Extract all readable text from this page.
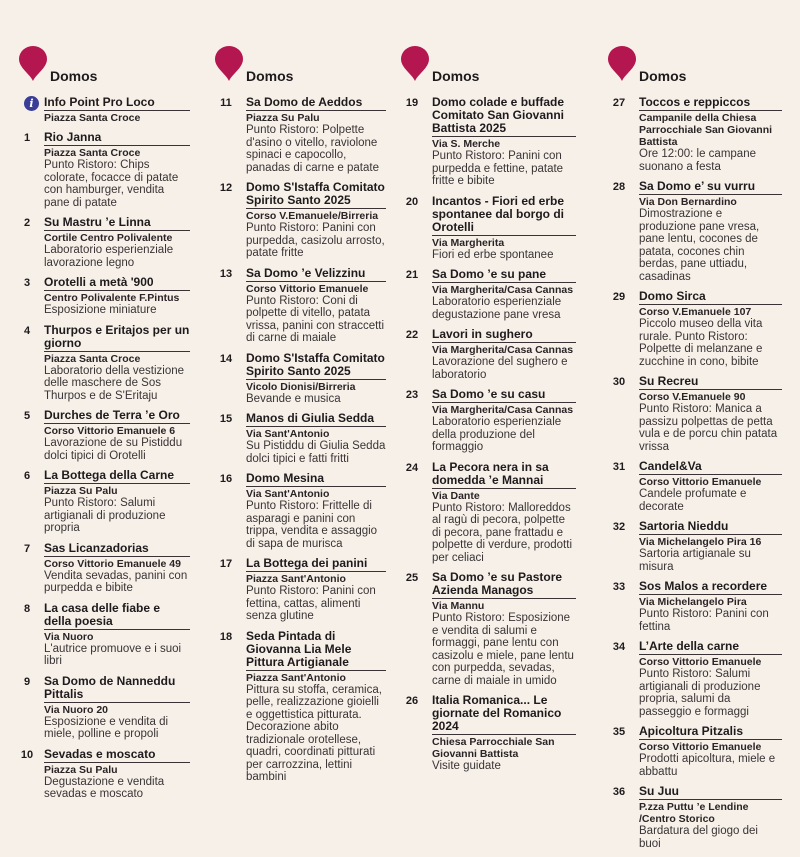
Domos
i Info Point Pro Loco
Piazza Santa Croce
1	Rio Janna
Piazza Santa Croce
Punto Ristoro: Chips colorate, focacce di patate con hamburger, vendita pane di patate
2	Su Mastru ’e Linna
Cortile Centro Polivalente
Laboratorio esperienziale lavorazione legno
3	Orotelli a metà '900
Centro Polivalente F.Pintus
Esposizione miniature
4	Thurpos e Eritajos per un giorno
Piazza Santa Croce
Laboratorio della vestizione delle maschere de Sos Thurpos e de S'Eritaju
5	Durches de Terra ’e Oro
Corso Vittorio Emanuele 6
Lavorazione de su Pistiddu dolci tipici di Orotelli
6	La Bottega della Carne
Piazza Su Palu
Punto Ristoro: Salumi artigianali di produzione propria
7	Sas Licanzadorias
Corso Vittorio Emanuele 49
Vendita sevadas, panini con purpedda e bibite
8	La casa delle fiabe e della poesia
Via Nuoro
L'autrice promuove e i suoi libri
9	Sa Domo de Nanneddu Pittalis
Via Nuoro 20
Esposizione e vendita di miele, polline e propoli
10 Sevadas e moscato
Piazza Su Palu
Degustazione e vendita sevadas e moscato
Domos
11	Sa Domo de Aeddos
Piazza Su Palu
Punto Ristoro: Polpette d'asino o vitello, raviolone spinaci e capocollo, panadas di carne e patate
12	Domo S'Istaffa Comitato Spirito Santo 2025
Corso V.Emanuele/Birreria
Punto Ristoro: Panini con purpedda, casizolu arrosto, patate fritte
13	Sa Domo ’e Velizzinu
Corso Vittorio Emanuele
Punto Ristoro: Coni di polpette di vitello, patata vrissa, panini con straccetti di carne di maiale
14	Domo S'Istaffa Comitato Spirito Santo 2025
Vicolo Dionisi/Birreria
Bevande e musica
15	Manos di Giulia Sedda
Via Sant'Antonio
Su Pistiddu di Giulia Sedda dolci tipici e fatti fritti
16	Domo Mesina
Via Sant'Antonio
Punto Ristoro: Frittelle di asparagi e panini con trippa, vendita e assaggio di sapa de murisca
17	La Bottega dei panini
Piazza Sant'Antonio
Punto Ristoro: Panini con fettina, cattas, alimenti senza glutine
18	Seda Pintada di Giovanna Lia Mele Pittura Artigianale
Piazza Sant'Antonio
Pittura su stoffa, ceramica, pelle, realizzazione gioielli e oggettistica pitturata. Decorazione abito tradizionale orotellese, quadri, coordinati pitturati per carrozzina, lettini bambini
Domos
19	Domo colade e buffade Comitato San Giovanni Battista 2025
Via S. Merche
Punto Ristoro: Panini con purpedda e fettine, patate fritte e bibite
20	Incantos - Fiori ed erbe spontanee dal borgo di Orotelli
Via Margherita
Fiori ed erbe spontanee
21	Sa Domo ’e su pane
Via Margherita/Casa Cannas
Laboratorio esperienziale degustazione pane vresa
22	Lavori in sughero
Via Margherita/Casa Cannas
Lavorazione del sughero e laboratorio
23	Sa Domo ’e su casu
Via Margherita/Casa Cannas
Laboratorio esperienziale della produzione del formaggio
24	La Pecora nera in sa domedda ’e Mannai
Via Dante
Punto Ristoro: Malloreddos al ragù di pecora, polpette di pecora, pane frattadu e polpette di verdure, prodotti per celiaci
25	Sa Domo ’e su Pastore Azienda Managos
Via Mannu
Punto Ristoro: Esposizione e vendita di salumi e formaggi, pane lentu con casizolu e miele, pane lentu con purpedda, sevadas, carne di maiale in umido
26	Italia Romanica... Le giornate del Romanico 2024
Chiesa Parrocchiale San Giovanni Battista
Visite guidate
Domos
27	Toccos e reppiccos
Campanile della Chiesa Parrocchiale San Giovanni Battista
Ore 12:00: le campane suonano a festa
28	Sa Domo e’ su vurru
Via Don Bernardino
Dimostrazione e produzione pane vresa, pane lentu, cocones de patata, cocones chin berdas, pane uttiadu, casadinas
29	Domo Sirca
Corso V.Emanuele 107
Piccolo museo della vita rurale. Punto Ristoro: Polpette di melanzane e zucchine in cono, bibite
30	Su Recreu
Corso V.Emanuele 90
Punto Ristoro: Manica a passizu polpettas de petta vula e de porcu chin patata vrissa
31	Candel&Va
Corso Vittorio Emanuele
Candele profumate e decorate
32	Sartoria Nieddu
Via Michelangelo Pira 16
Sartoria artigianale su misura
33	Sos Malos a recordere
Via Michelangelo Pira
Punto Ristoro: Panini con fettina
34	L’Arte della carne
Corso Vittorio Emanuele
Punto Ristoro: Salumi artigianali di produzione propria, salumi da passeggio e formaggi
35	Apicoltura Pitzalis
Corso Vittorio Emanuele
Prodotti apicoltura, miele e abbattu
36	Su Juu
P.zza Puttu ’e Lendine /Centro Storico
Bardatura del giogo dei buoi
